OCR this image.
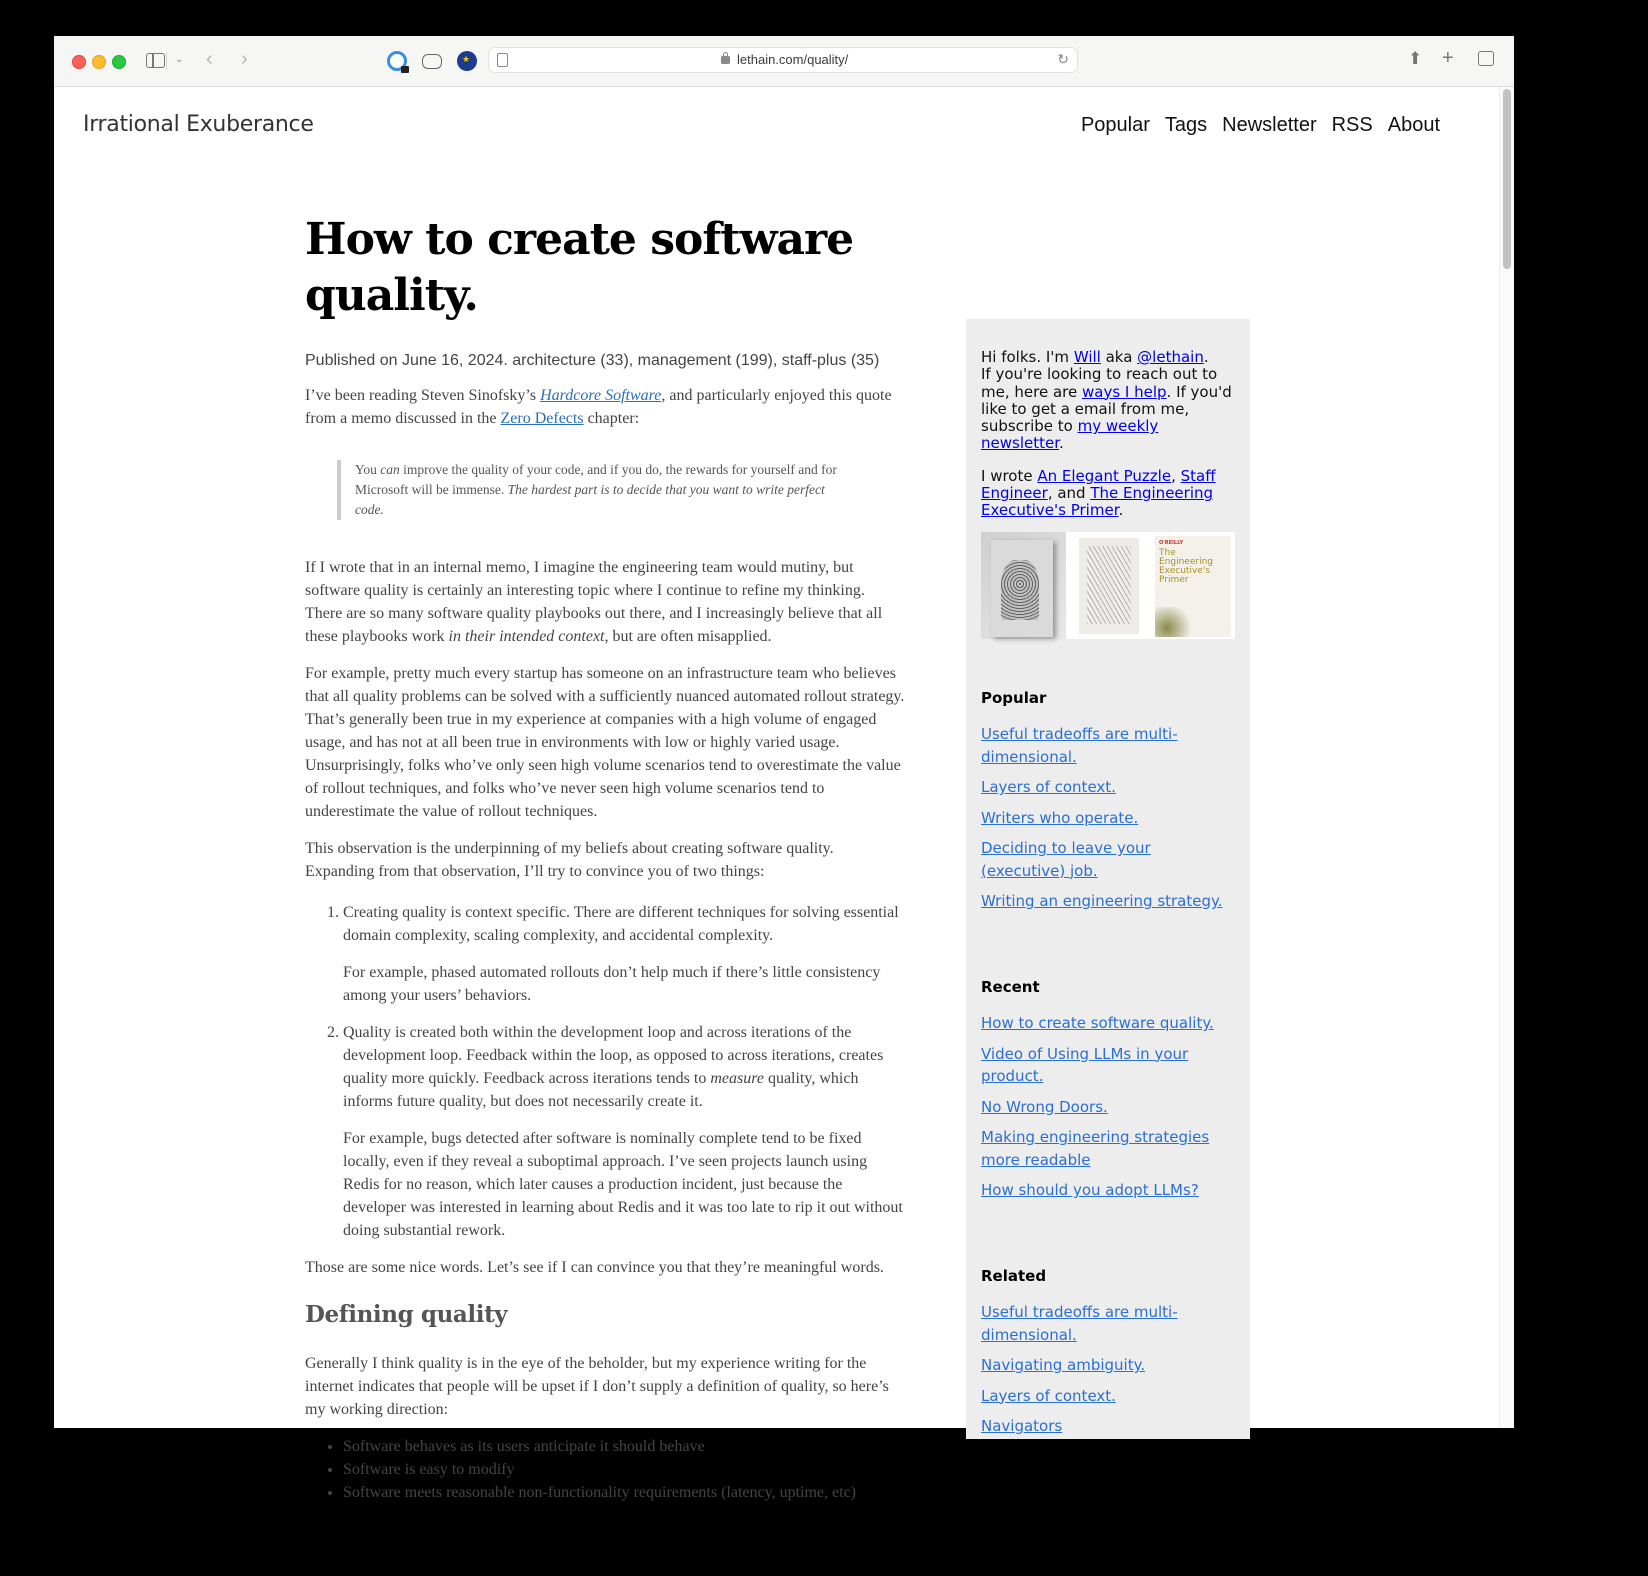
⌄ ‹ › ★	lethain.com/quality/	↻	⬆︎ +
Irrational Exuberance	Popular Tags Newsletter RSS About
How to create software quality.
Published on June 16, 2024. architecture (33), management (199), staff-plus (35)

I’ve been reading Steven Sinofsky’s Hardcore Software, and particularly enjoyed this quote from a memo discussed in the Zero Defects chapter:

You can improve the quality of your code, and if you do, the rewards for yourself and for Microsoft will be immense. The hardest part is to decide that you want to write perfect code.

If I wrote that in an internal memo, I imagine the engineering team would mutiny, but software quality is certainly an interesting topic where I continue to refine my thinking. There are so many software quality playbooks out there, and I increasingly believe that all these playbooks work in their intended context, but are often misapplied.

For example, pretty much every startup has someone on an infrastructure team who believes that all quality problems can be solved with a sufficiently nuanced automated rollout strategy. That’s generally been true in my experience at companies with a high volume of engaged usage, and has not at all been true in environments with low or highly varied usage. Unsurprisingly, folks who’ve only seen high volume scenarios tend to overestimate the value of rollout techniques, and folks who’ve never seen high volume scenarios tend to underestimate the value of rollout techniques.

This observation is the underpinning of my beliefs about creating software quality. Expanding from that observation, I’ll try to convince you of two things:

1. Creating quality is context specific. There are different techniques for solving essential domain complexity, scaling complexity, and accidental complexity.

For example, phased automated rollouts don’t help much if there’s little consistency among your users’ behaviors.

2. Quality is created both within the development loop and across iterations of the development loop. Feedback within the loop, as opposed to across iterations, creates quality more quickly. Feedback across iterations tends to measure quality, which informs future quality, but does not necessarily create it.

For example, bugs detected after software is nominally complete tend to be fixed locally, even if they reveal a suboptimal approach. I’ve seen projects launch using Redis for no reason, which later causes a production incident, just because the developer was interested in learning about Redis and it was too late to rip it out without doing substantial rework.

Those are some nice words. Let’s see if I can convince you that they’re meaningful words.

Defining quality

Generally I think quality is in the eye of the beholder, but my experience writing for the internet indicates that people will be upset if I don’t supply a definition of quality, so here’s my working direction:

• Software behaves as its users anticipate it should behave
• Software is easy to modify
• Software meets reasonable non-functionality requirements (latency, uptime, etc)
Hi folks. I'm Will aka @lethain.
If you're looking to reach out to me, here are ways I help. If you'd like to get a email from me, subscribe to my weekly newsletter.
I wrote An Elegant Puzzle, Staff Engineer, and The Engineering Executive's Primer.
O'REILLY
The Engineering Executive's Primer
Popular
Useful tradeoffs are multi-dimensional.
Layers of context.
Writers who operate.
Deciding to leave your (executive) job.
Writing an engineering strategy.
Recent
How to create software quality.
Video of Using LLMs in your product.
No Wrong Doors.
Making engineering strategies more readable
How should you adopt LLMs?
Related
Useful tradeoffs are multi-dimensional.
Navigating ambiguity.
Layers of context.
Navigators
